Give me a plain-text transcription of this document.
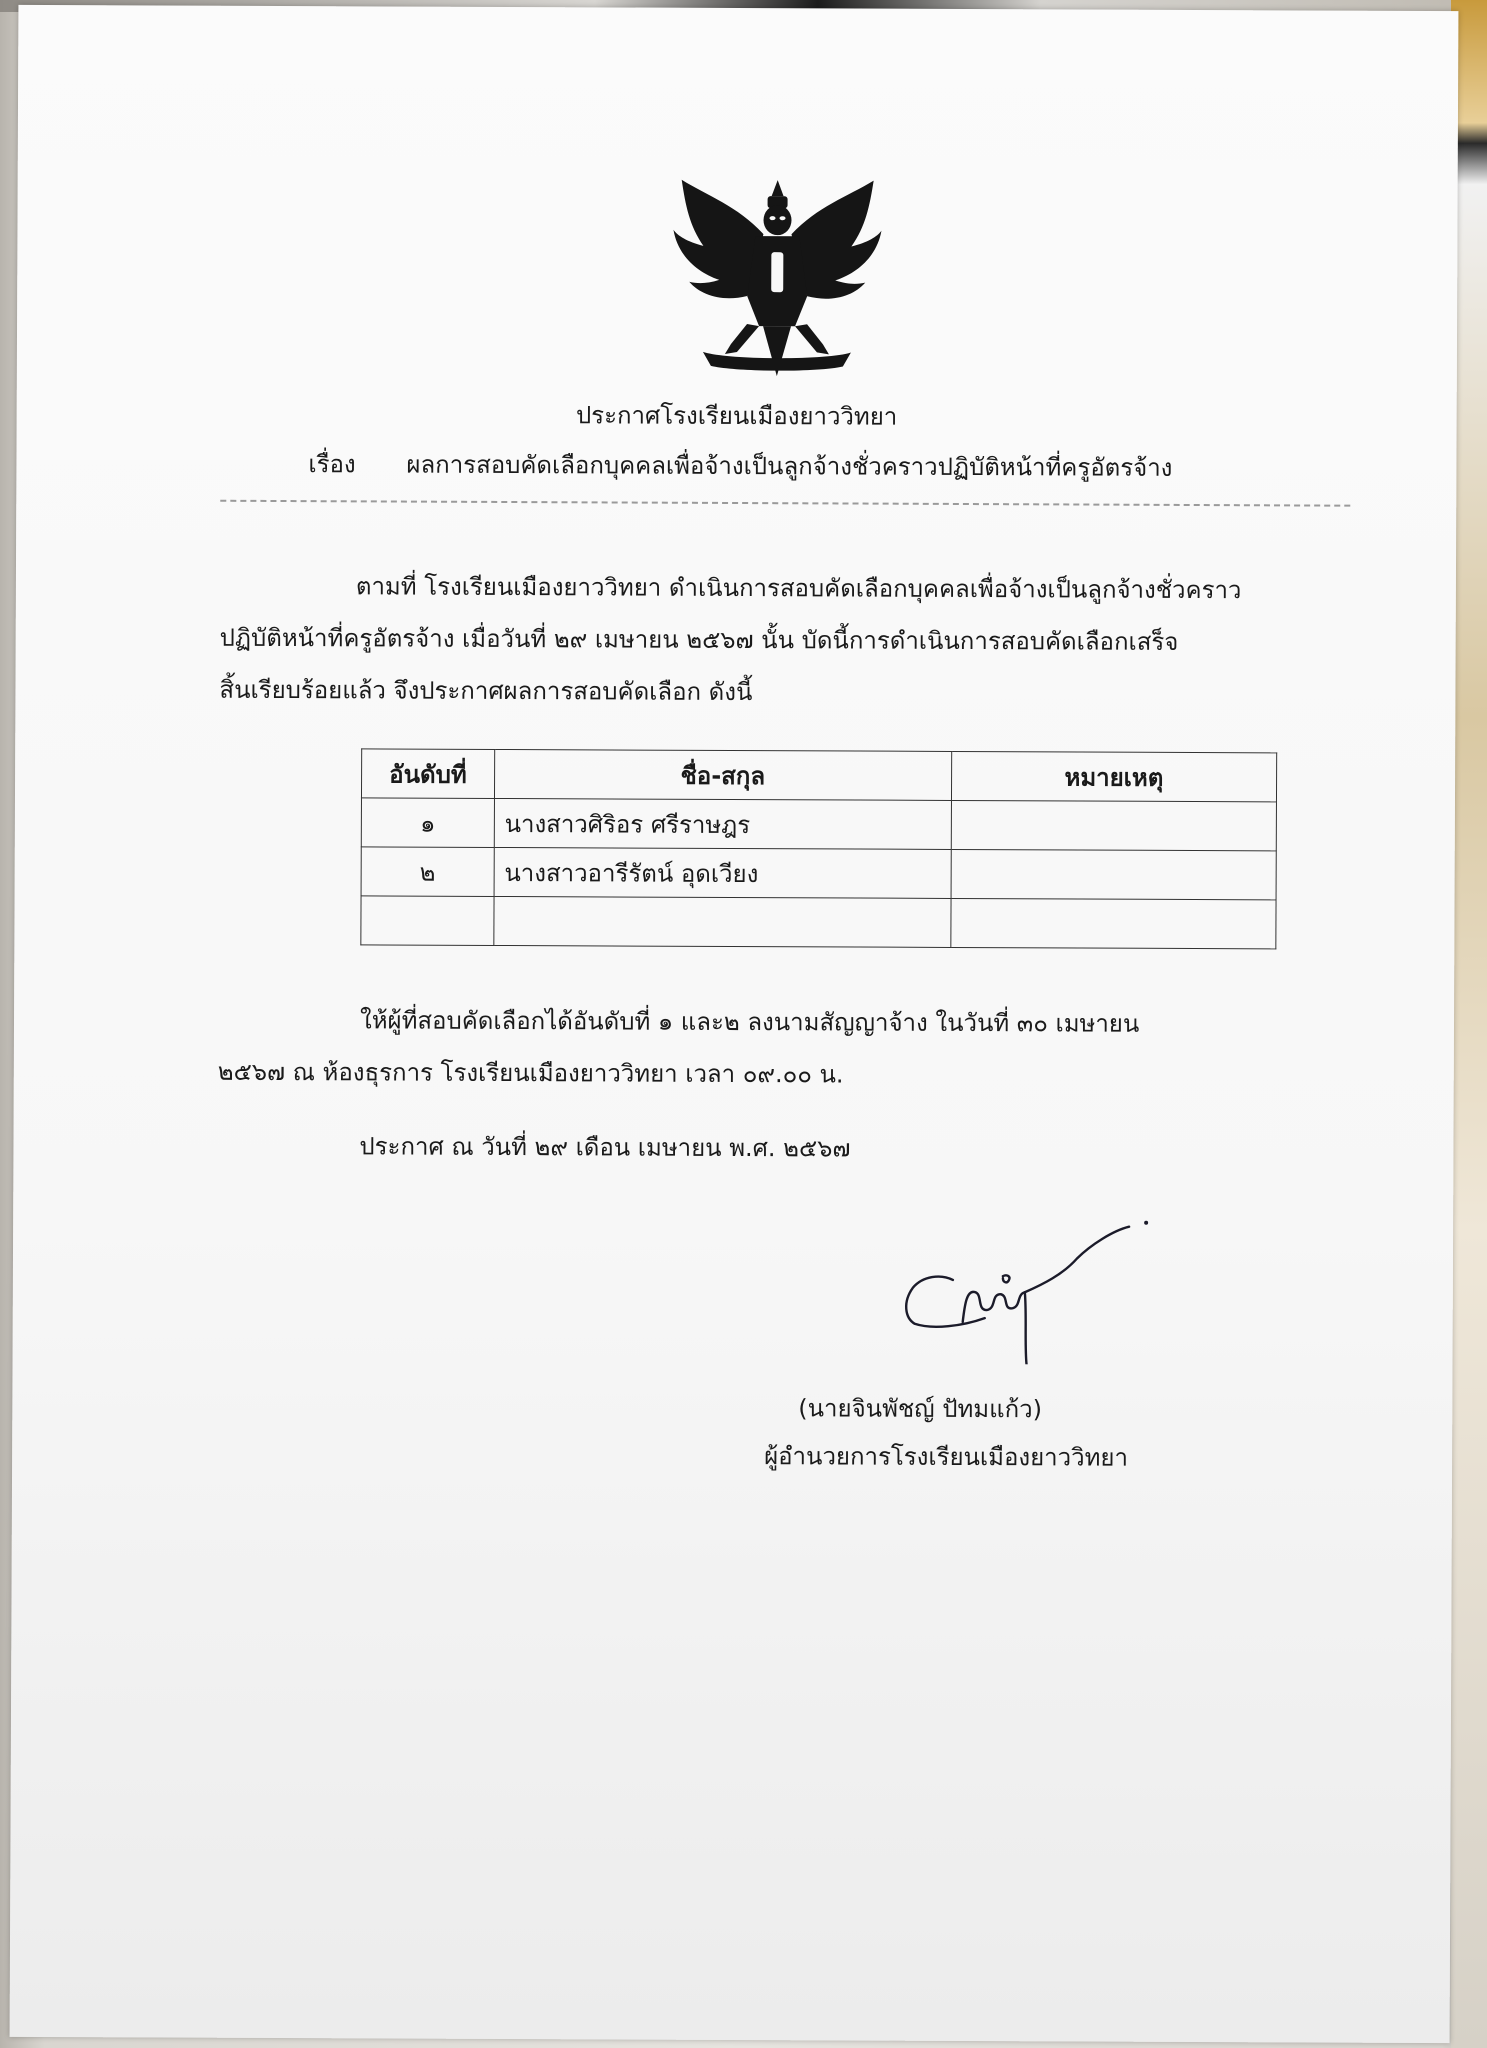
ประกาศโรงเรียนเมืองยาววิทยา
เรื่อง ผลการสอบคัดเลือกบุคคลเพื่อจ้างเป็นลูกจ้างชั่วคราวปฏิบัติหน้าที่ครูอัตรจ้าง
ตามที่ โรงเรียนเมืองยาววิทยา ดำเนินการสอบคัดเลือกบุคคลเพื่อจ้างเป็นลูกจ้างชั่วคราว
ปฏิบัติหน้าที่ครูอัตรจ้าง เมื่อวันที่ ๒๙ เมษายน ๒๕๖๗ นั้น บัดนี้การดำเนินการสอบคัดเลือกเสร็จ
สิ้นเรียบร้อยแล้ว จึงประกาศผลการสอบคัดเลือก ดังนี้
อันดับที่	ชื่อ-สกุล	หมายเหตุ
๑	นางสาวศิริอร ศรีราษฎร	
๒	นางสาวอารีรัตน์ อุดเวียง	

ให้ผู้ที่สอบคัดเลือกได้อันดับที่ ๑ และ๒ ลงนามสัญญาจ้าง ในวันที่ ๓๐ เมษายน
๒๕๖๗ ณ ห้องธุรการ โรงเรียนเมืองยาววิทยา เวลา ๐๙.๐๐ น.
ประกาศ ณ วันที่ ๒๙ เดือน เมษายน พ.ศ. ๒๕๖๗
(นายจินพัชญ์ ปัทมแก้ว)
ผู้อำนวยการโรงเรียนเมืองยาววิทยา
